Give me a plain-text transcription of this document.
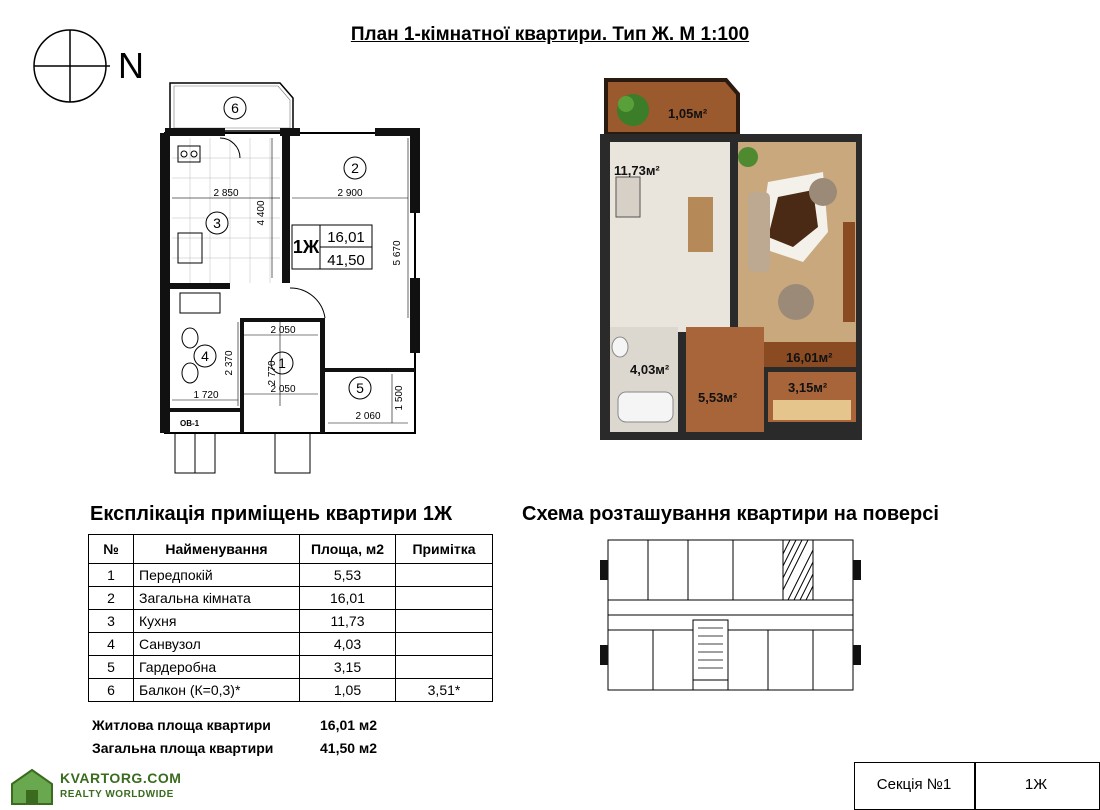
План 1-кімнатної квартири. Тип Ж. М 1:100
N
6
2
3
4	1
5
1Ж 16,01
41,50
2 850	2 900
4 400
5 670
2 050
2 370	2 770
1 500
1 720
2 050
2 060
ОВ-1
1,05м²
11,73м²
16,01м²
4,03м²
5,53м²
3,15м²
Експлікація приміщень квартири 1Ж
№	Найменування	Площа, м2	Примітка
1	Передпокій	5,53	
2	Загальна кімната	16,01	
3	Кухня	11,73	
4	Санвузол	4,03	
5	Гардеробна	3,15	
6	Балкон (К=0,3)*	1,05	3,51*
Житлова площа квартири	16,01 м2
Загальна площа квартири	41,50 м2
Схема розташування квартири на поверсі
Секція №1	1Ж
KVARTORG.COM
REALTY WORLDWIDE
